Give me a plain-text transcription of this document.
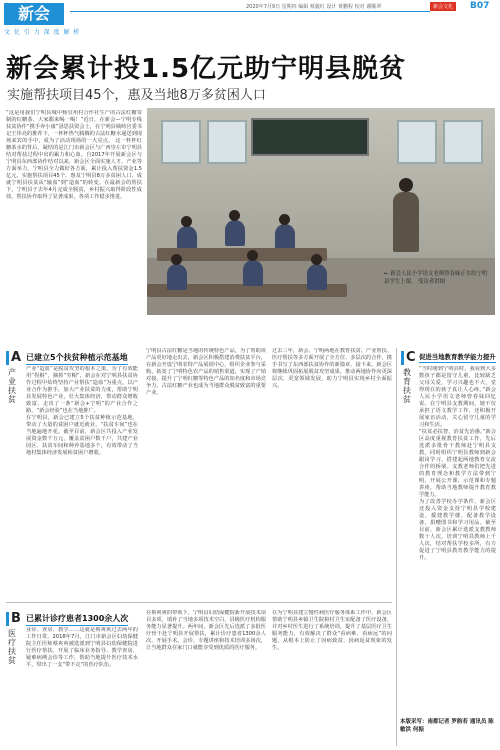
新会
文 化 引 力 深 度 解 析
2020年7月9日 星期四 编辑 蔡毅红 设计 黄鹏程 校对 谢顺翠	新会文化	B07
新会累计投1.5亿元助宁明县脱贫
实施帮扶项目45个，惠及当地8万多贫困人口

“这是用我们宁明县城中杨宜州村合作社生产的古法红糖寄制的红糖茶，大家都来喝一喝！”近日，在新会—宁明专线扶贫协作“携手奔小康”恳思扶资会上，在宁明县城峙宫委书记王伟亮的推荐下，一杯杯热气腾腾的古法红糖水递送到现场来宾的手中，成为了活动现场的一大亮点。 这一杯杯红糖茶水的背后，凝结的是江门市新会区与广西崇左市宁明县结对帮扶过程中出的累力和心血。自2017年开展新会区与宁明县东西部协作结对以来，新会区全面实施人才、产业等方面举力，宁明县全力做好各方面，累计投入帮扶资金1.5亿元，实施帮扶项目45个，惠及宁明县8万多贫困人口，成就宁明县扶贫从“输血”到“造血”的转变。在最新会的帮扶下，宁明县于去年4月完成全脱贫，乡村振兴取得阶段性成效，帮扶协作取得了显著成果，各项工作稳步推进。

← 新会人民小学语文老师曾春妹正在给宁明县学生上课。 受访者供图
A
产业扶贫
已建立5个扶贫种植示范基地

产业“造血”是脱贫攻坚的根本之策，为了有效能用“拐棍”，摘掉“穷帽”，新会在对宁明县扶贫协作过程中始终坚持产业帮扶“造血”为重点，以产业合作为推手，加大产业扶贫的力度，帮助宁明县发展特色产业，壮大集体经济，带动群众增收致富，走出了一条“新会+宁明”的产业合作之路，“新会经验”也在当地推广。

在宁明县，新会已建立5个扶贫种植示范基地，带动了大量的贫困户就近就业，“扶贫车间”也在当地遍地开花。截至目前，新会区共投入产业发展资金数千万元，覆盖贫困户数千户，共建产业园区、扶贫车间和种养基地多个，有效带动了当地村集体经济发展和贫困户增收。

宁明县古法红糖是当地的传统特色产品，为了帮助该产品更好地走出去，新会区积极搭建消费扶贫平台，在新会开设宁明农特产品展销中心，组织企业参与采购，拓宽了宁明特色农产品的销售渠道，实现了产销对接，提升了宁明红糖等特色产品的知名度和市场竞争力，古法红糖产业也成为当地群众脱贫致富的重要产业。

过去三年，新会、宁明两地在教育扶贫、产业帮扶、医疗帮扶等多方面开展了全方位、多层次的合作，携手书写了东西部扶贫协作的新篇章。接下来，新会区将继续巩固拓展脱贫攻坚成果，推动两地协作向更深层次、更宽领域发展，助力宁明县实现乡村全面振兴。

B
医疗扶贫
已累计诊疗患者1300余人次

业诊、查房、教学……这就是蔡爽爽过去两年的工作日常。2018年7月，江门市新会区妇幼保健院主任医师蔡爽爽被选派到宁明县妇幼保健院进行医疗帮扶，开展了临床业务指导、教学查房、疑难病例会诊等工作，帮助当地提升医疗技术水平，带出了一支“带不走”的医疗队伍。

在蔡爽爽的带领下，宁明县妇幼保健院新开展技术项目多项，填补了当地多项技术空白，县级医疗机构服务能力显著提升。两年间，新会区先后选派了多批医疗骨干赴宁明县开展帮扶，累计诊疗患者1300余人次，开展手术、会诊、专题讲座和技术培训多场次，让当地群众在家门口就能享受到优质的医疗服务。

在为宁明县建立慢性病医疗服务体系工作中，新会区帮助宁明县乡镇卫生院和村卫生室配备了医疗设备，并对乡村医生进行了系统培训，提升了基层医疗卫生服务能力，有效解决了群众“看病难、看病远”的问题，从根本上防止了因病致贫、因病返贫现象的发生。

C
教育扶贫
促进当地教育教学能力提升

“当时刚到宁明县时，我看到大多数孩子都是留守儿童，比较缺乏父母关爱，学习兴趣也不大，觉得现在的孩子真让人心疼。”新会人民小学语文老师曾春妹回忆说。在宁明县支教期间，她不仅承担了语文教学工作，还积极开展家访活动，关心留守儿童的学习和生活。

“扶贫必扶智，治贫先治愚。”新会区高度重视教育扶贫工作，先后选派多批骨干教师赴宁明县支教，同时组织宁明县教师到新会跟岗学习，搭建起两地教育交流合作的桥梁。支教老师们把先进的教育理念和教学方法带到宁明，开展公开课、示范课和专题讲座，帮助当地教师提升教育教学能力。

为了改善学校办学条件，新会区还投入资金支持宁明县学校建设，援建教学楼、配备教学设备，捐赠图书和学习用品。截至目前，新会区累计选派支教教师数十人次，培训宁明县教师上千人次，结对帮扶学校多所，有力促进了宁明县教育教学能力的提升。

本版采写：南都记者 罗韵若 通讯员 陈敏洪 何振
